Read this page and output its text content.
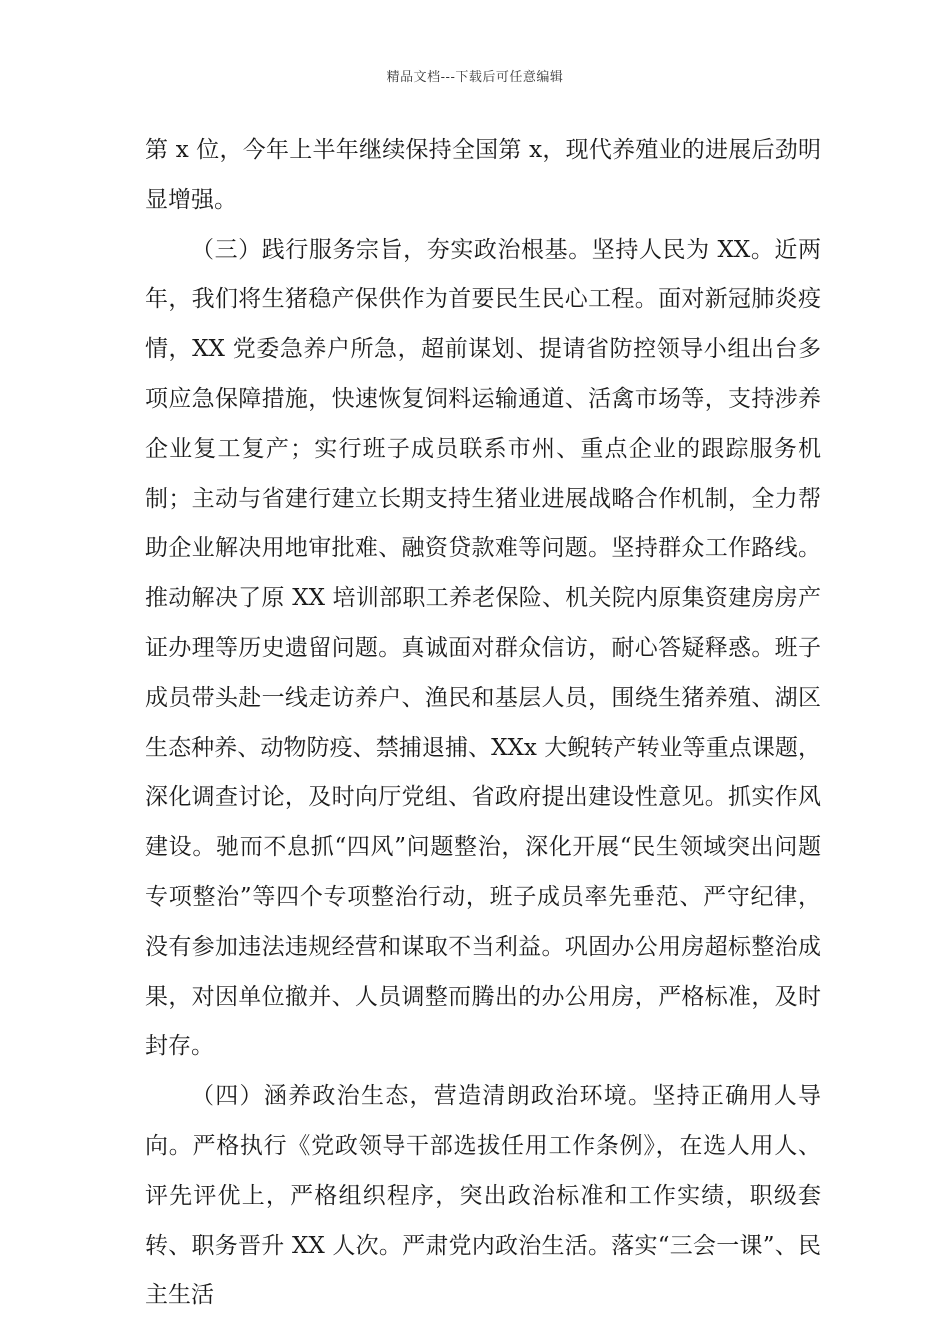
精品文档---下载后可任意编辑

第 x 位，今年上半年继续保持全国第 x，现代养殖业的进展后劲明显增强。

（三）践行服务宗旨，夯实政治根基。坚持人民为 XX。近两年，我们将生猪稳产保供作为首要民生民心工程。面对新冠肺炎疫情，XX 党委急养户所急，超前谋划、提请省防控领导小组出台多项应急保障措施，快速恢复饲料运输通道、活禽市场等，支持涉养企业复工复产；实行班子成员联系市州、重点企业的跟踪服务机制；主动与省建行建立长期支持生猪业进展战略合作机制，全力帮助企业解决用地审批难、融资贷款难等问题。坚持群众工作路线。推动解决了原 XX 培训部职工养老保险、机关院内原集资建房房产证办理等历史遗留问题。真诚面对群众信访，耐心答疑释惑。班子成员带头赴一线走访养户、渔民和基层人员，围绕生猪养殖、湖区生态种养、动物防疫、禁捕退捕、XXx 大鲵转产转业等重点课题，深化调查讨论，及时向厅党组、省政府提出建设性意见。抓实作风建设。驰而不息抓“四风”问题整治，深化开展“民生领域突出问题专项整治”等四个专项整治行动，班子成员率先垂范、严守纪律，没有参加违法违规经营和谋取不当利益。巩固办公用房超标整治成果，对因单位撤并、人员调整而腾出的办公用房，严格标准，及时封存。

（四）涵养政治生态，营造清朗政治环境。坚持正确用人导向。严格执行《党政领导干部选拔任用工作条例》，在选人用人、评先评优上，严格组织程序，突出政治标准和工作实绩，职级套转、职务晋升 XX 人次。严肃党内政治生活。落实“三会一课”、民主生活
